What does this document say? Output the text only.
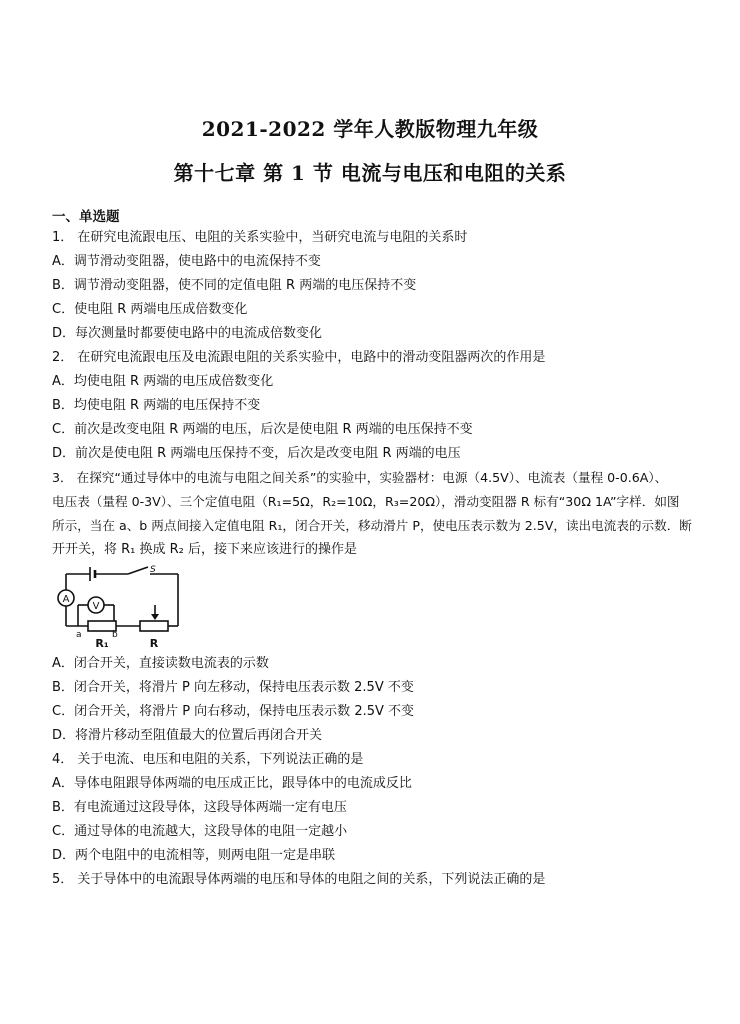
2021-2022 学年人教版物理九年级
第十七章 第 1 节 电流与电压和电阻的关系
一、单选题
1． 在研究电流跟电压、电阻的关系实验中，当研究电流与电阻的关系时
A．调节滑动变阻器，使电路中的电流保持不变
B．调节滑动变阻器，使不同的定值电阻 R 两端的电压保持不变
C．使电阻 R 两端电压成倍数变化
D．每次测量时都要使电路中的电流成倍数变化
2． 在研究电流跟电压及电流跟电阻的关系实验中，电路中的滑动变阻器两次的作用是
A．均使电阻 R 两端的电压成倍数变化
B．均使电阻 R 两端的电压保持不变
C．前次是改变电阻 R 两端的电压，后次是使电阻 R 两端的电压保持不变
D．前次是使电阻 R 两端电压保持不变，后次是改变电阻 R 两端的电压
3． 在探究“通过导体中的电流与电阻之间关系”的实验中，实验器材：电源（4.5V）、电流表（量程 0-0.6A）、
电压表（量程 0-3V）、三个定值电阻（R₁=5Ω，R₂=10Ω，R₃=20Ω），滑动变阻器 R 标有“30Ω 1A”字样．如图
所示，当在 a、b 两点间接入定值电阻 R₁，闭合开关，移动滑片 P，使电压表示数为 2.5V，读出电流表的示数．断
开开关，将 R₁ 换成 R₂ 后，接下来应该进行的操作是
A
V
S
a	b
R₁	R
A．闭合开关，直接读数电流表的示数
B．闭合开关，将滑片 P 向左移动，保持电压表示数 2.5V 不变
C．闭合开关，将滑片 P 向右移动，保持电压表示数 2.5V 不变
D．将滑片移动至阻值最大的位置后再闭合开关
4． 关于电流、电压和电阻的关系，下列说法正确的是
A．导体电阻跟导体两端的电压成正比，跟导体中的电流成反比
B．有电流通过这段导体，这段导体两端一定有电压
C．通过导体的电流越大，这段导体的电阻一定越小
D．两个电阻中的电流相等，则两电阻一定是串联
5． 关于导体中的电流跟导体两端的电压和导体的电阻之间的关系，下列说法正确的是
